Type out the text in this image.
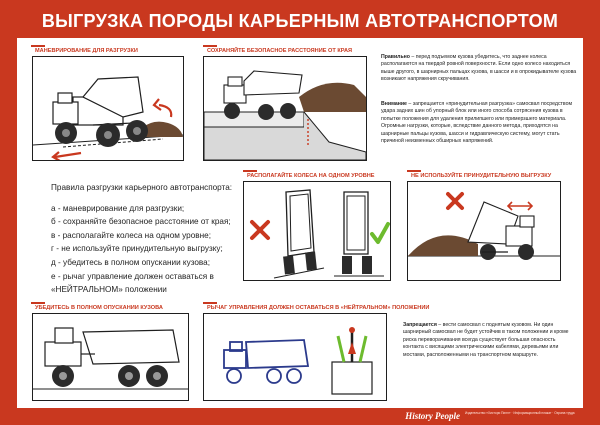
ВЫГРУЗКА ПОРОДЫ КАРЬЕРНЫМ АВТОТРАНСПОРТОМ
МАНЕВРИРОВАНИЕ ДЛЯ РАЗГРУЗКИ	СОХРАНЯЙТЕ БЕЗОПАСНОЕ РАССТОЯНИЕ ОТ КРАЯ
Правильно – перед подъемом кузова убедитесь, что заднее колеса располагаются на твердой ровной поверхности. Если одно колесо находиться выше другого, в шарнирных пальцах кузова, в шасси и в опрокидывателе кузова возникают напряжения скручивания.
Внимание – запрещается «принудительная разгрузка» самосвал посредством удара задних шин об упорный блок или иного способа сотрясения кузова в попытке положения для удаления прилипшего или примерзшего материала. Огромные нагрузки, которые, вследствие данного метода, приходятся на шарнирные пальцы кузова, шасси и гидравлическую систему, могут стать причиной неизменных обширных напряжений.
Правила разгрузки карьерного автотранспорта:
а - маневрирование для разгрузки;
б - сохраняйте безопасное расстояние от края;
в - располагайте колеса на одном уровне;
г - не используйте принудительную выгрузку;
д - убедитесь в полном опускании кузова;
е - рычаг управление должен оставаться в «НЕЙТРАЛЬНОМ» положении
РАСПОЛАГАЙТЕ КОЛЕСА НА ОДНОМ УРОВНЕ	НЕ ИСПОЛЬЗУЙТЕ ПРИНУДИТЕЛЬНУЮ ВЫГРУЗКУ
УБЕДИТЕСЬ В ПОЛНОМ ОПУСКАНИИ КУЗОВА	РЫЧАГ УПРАВЛЕНИЯ ДОЛЖЕН ОСТАВАТЬСЯ В «НЕЙТРАЛЬНОМ» ПОЛОЖЕНИИ
Запрещается – вести самосвал с поднятым кузовом. Ни один шарнирный самосвал не будет устойчив в таком положении и кроме риска переворачивания всегда существует большая опасность контакта с висящими электрическими кабелями, деревьями или мостами, расположенными на транспортном маршруте.
History People Издательство «Хистори Пипл» · Информационный плакат · Охрана труда
